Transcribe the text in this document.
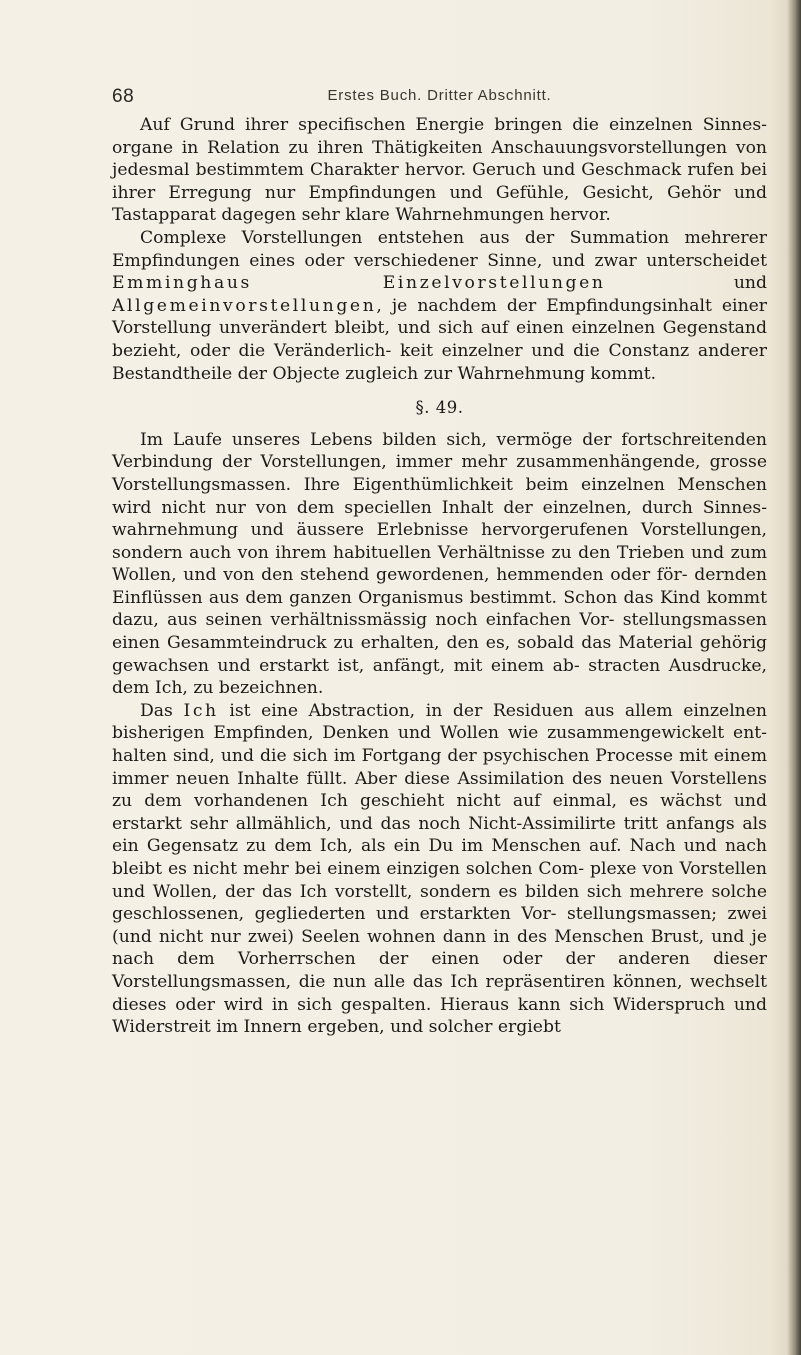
68	Erstes Buch. Dritter Abschnitt.

Auf Grund ihrer specifischen Energie bringen die einzelnen Sinnes- organe in Relation zu ihren Thätigkeiten Anschauungsvorstellungen von jedesmal bestimmtem Charakter hervor. Geruch und Geschmack rufen bei ihrer Erregung nur Empfindungen und Gefühle, Gesicht, Gehör und Tastapparat dagegen sehr klare Wahrnehmungen hervor.

Complexe Vorstellungen entstehen aus der Summation mehrerer Empfindungen eines oder verschiedener Sinne, und zwar unterscheidet Emminghaus Einzelvorstellungen und Allgemeinvorstellungen, je nachdem der Empfindungsinhalt einer Vorstellung unverändert bleibt, und sich auf einen einzelnen Gegenstand bezieht, oder die Veränderlich- keit einzelner und die Constanz anderer Bestandtheile der Objecte zugleich zur Wahrnehmung kommt.

§. 49.

Im Laufe unseres Lebens bilden sich, vermöge der fortschreitenden Verbindung der Vorstellungen, immer mehr zusammenhängende, grosse Vorstellungsmassen. Ihre Eigenthümlichkeit beim einzelnen Menschen wird nicht nur von dem speciellen Inhalt der einzelnen, durch Sinnes- wahrnehmung und äussere Erlebnisse hervorgerufenen Vorstellungen, sondern auch von ihrem habituellen Verhältnisse zu den Trieben und zum Wollen, und von den stehend gewordenen, hemmenden oder för- dernden Einflüssen aus dem ganzen Organismus bestimmt. Schon das Kind kommt dazu, aus seinen verhältnissmässig noch einfachen Vor- stellungsmassen einen Gesammteindruck zu erhalten, den es, sobald das Material gehörig gewachsen und erstarkt ist, anfängt, mit einem ab- stracten Ausdrucke, dem Ich, zu bezeichnen.

Das Ich ist eine Abstraction, in der Residuen aus allem einzelnen bisherigen Empfinden, Denken und Wollen wie zusammengewickelt ent- halten sind, und die sich im Fortgang der psychischen Processe mit einem immer neuen Inhalte füllt. Aber diese Assimilation des neuen Vorstellens zu dem vorhandenen Ich geschieht nicht auf einmal, es wächst und erstarkt sehr allmählich, und das noch Nicht-Assimilirte tritt anfangs als ein Gegensatz zu dem Ich, als ein Du im Menschen auf. Nach und nach bleibt es nicht mehr bei einem einzigen solchen Com- plexe von Vorstellen und Wollen, der das Ich vorstellt, sondern es bilden sich mehrere solche geschlossenen, gegliederten und erstarkten Vor- stellungsmassen; zwei (und nicht nur zwei) Seelen wohnen dann in des Menschen Brust, und je nach dem Vorherrschen der einen oder der anderen dieser Vorstellungsmassen, die nun alle das Ich repräsentiren können, wechselt dieses oder wird in sich gespalten. Hieraus kann sich Widerspruch und Widerstreit im Innern ergeben, und solcher ergiebt
